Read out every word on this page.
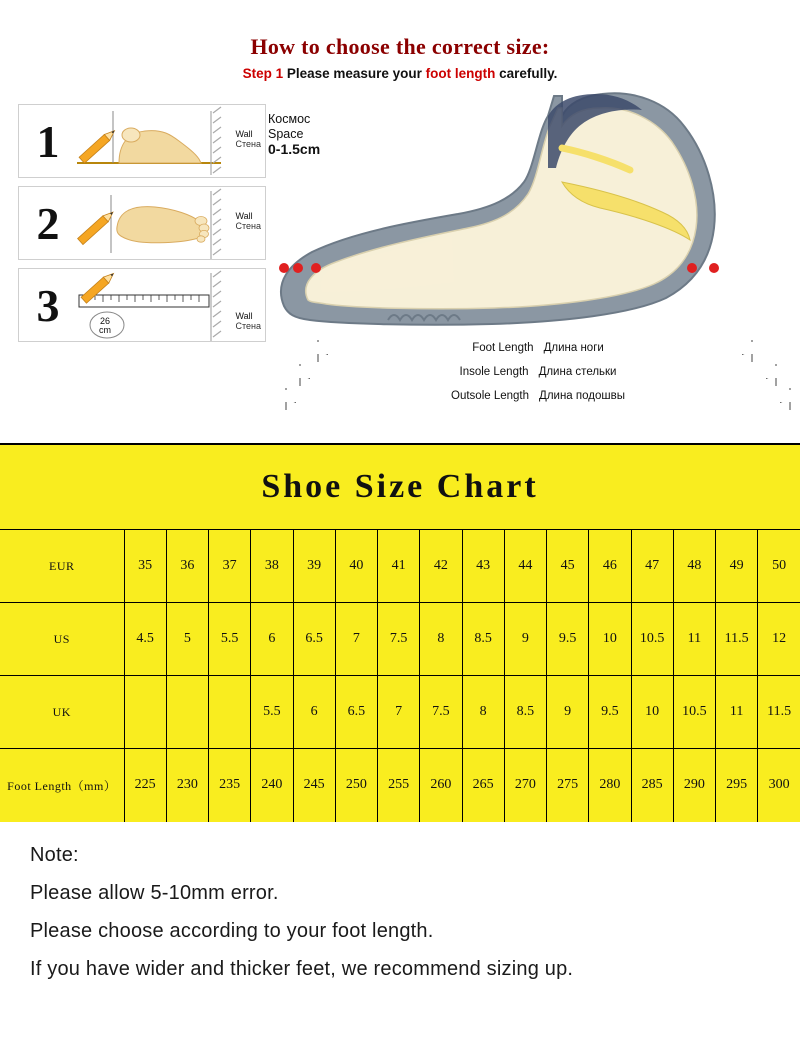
How to choose the correct size:
Step 1 Please measure your foot length carefully.
1	Wall
Стена
2	Wall
Стена
3	26
cm
Wall
Стена
Космос
Space
0-1.5cm
Foot Length Длина ноги
Insole Length Длина стельки
Outsole Length Длина подошвы
Shoe Size Chart
EUR	35	36	37	38	39	40	41	42	43	44	45	46	47	48	49	50
US	4.5	5	5.5	6	6.5	7	7.5	8	8.5	9	9.5	10	10.5	11	11.5	12
UK				5.5	6	6.5	7	7.5	8	8.5	9	9.5	10	10.5	11	11.5
Foot Length（mm）	225	230	235	240	245	250	255	260	265	270	275	280	285	290	295	300
Note:
Please allow 5-10mm error.
Please choose according to your foot length.
If you have wider and thicker feet, we recommend sizing up.
